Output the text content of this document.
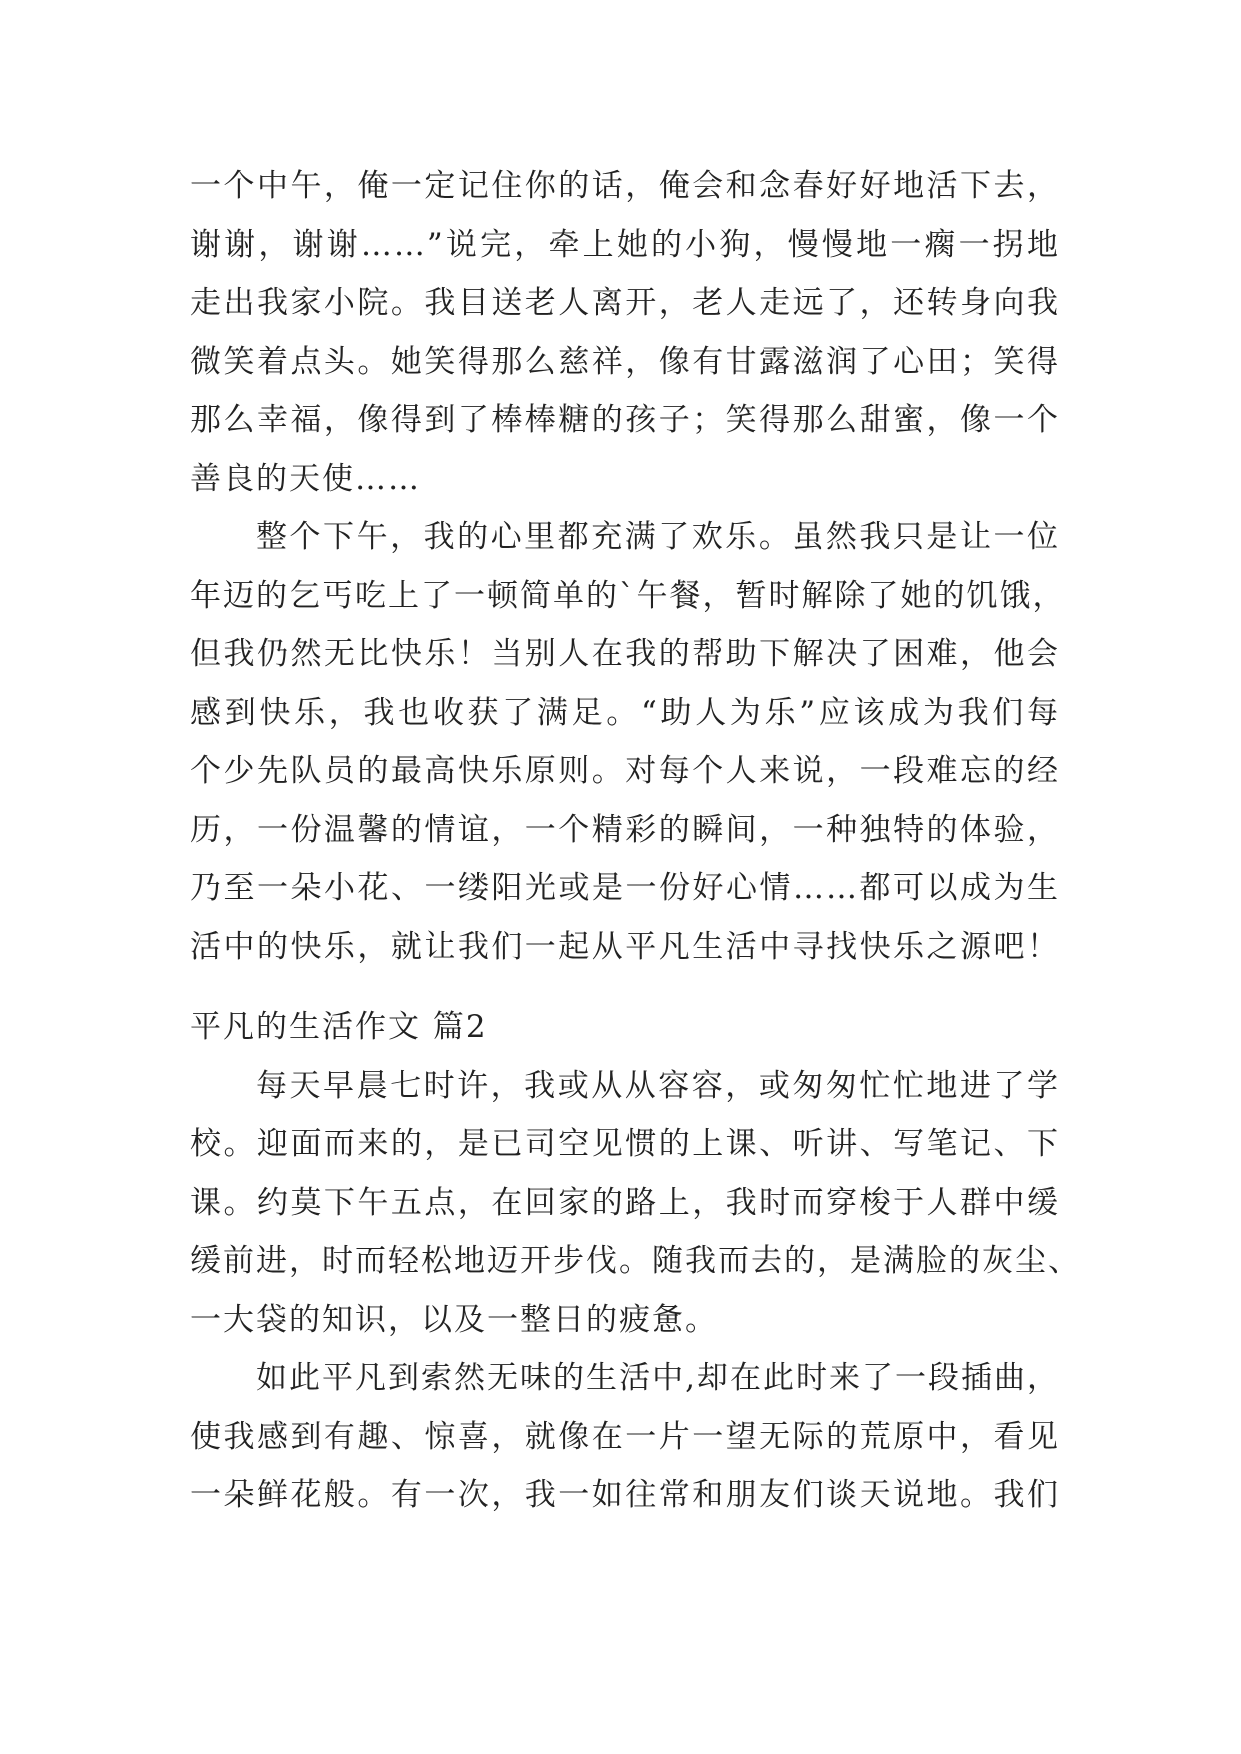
一个中午，俺一定记住你的话，俺会和念春好好地活下去，
谢谢，谢谢……”说完，牵上她的小狗，慢慢地一瘸一拐地
走出我家小院。我目送老人离开，老人走远了，还转身向我
微笑着点头。她笑得那么慈祥，像有甘露滋润了心田；笑得
那么幸福，像得到了棒棒糖的孩子；笑得那么甜蜜，像一个
善良的天使……
整个下午，我的心里都充满了欢乐。虽然我只是让一位
年迈的乞丐吃上了一顿简单的`午餐，暂时解除了她的饥饿，
但我仍然无比快乐！当别人在我的帮助下解决了困难，他会
感到快乐，我也收获了满足。“助人为乐”应该成为我们每
个少先队员的最高快乐原则。对每个人来说，一段难忘的经
历，一份温馨的情谊，一个精彩的瞬间，一种独特的体验，
乃至一朵小花、一缕阳光或是一份好心情……都可以成为生
活中的快乐，就让我们一起从平凡生活中寻找快乐之源吧！
平凡的生活作文 篇2
每天早晨七时许，我或从从容容，或匆匆忙忙地进了学
校。迎面而来的，是已司空见惯的上课、听讲、写笔记、下
课。约莫下午五点，在回家的路上，我时而穿梭于人群中缓
缓前进，时而轻松地迈开步伐。随我而去的，是满脸的灰尘、
一大袋的知识，以及一整日的疲惫。
如此平凡到索然无味的生活中,却在此时来了一段插曲，
使我感到有趣、惊喜，就像在一片一望无际的荒原中，看见
一朵鲜花般。有一次，我一如往常和朋友们谈天说地。我们
